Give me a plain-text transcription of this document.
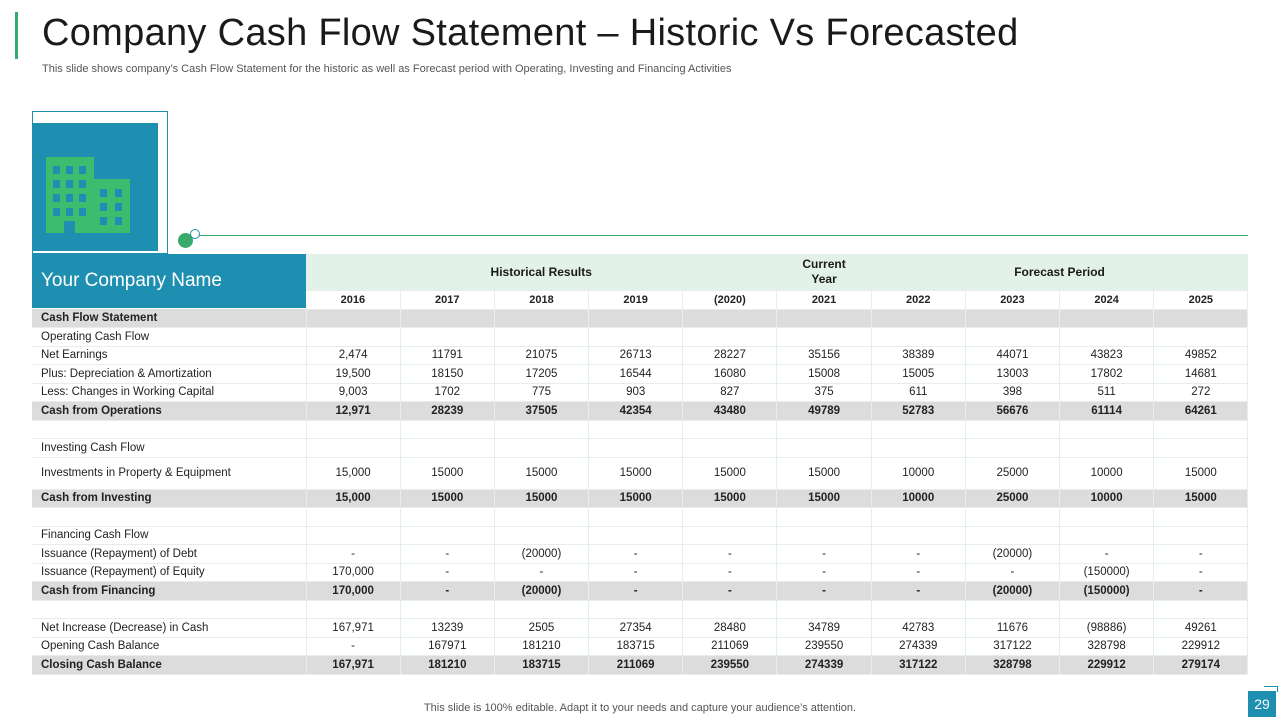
Company Cash Flow Statement – Historic Vs Forecasted
This slide shows company’s Cash Flow Statement for the historic as well as Forecast period with Operating, Investing and Financing Activities
	Historical Results					Current Year	Forecast Period			
	2016	2017	2018	2019	(2020)	2021	2022	2023	2024	2025
Cash Flow Statement										
Operating Cash Flow										
Net Earnings	2,474	11791	21075	26713	28227	35156	38389	44071	43823	49852
Plus: Depreciation & Amortization	19,500	18150	17205	16544	16080	15008	15005	13003	17802	14681
Less: Changes in Working Capital	9,003	1702	775	903	827	375	611	398	511	272
Cash from Operations	12,971	28239	37505	42354	43480	49789	52783	56676	61114	64261

Investing Cash Flow										
Investments in Property & Equipment	15,000	15000	15000	15000	15000	15000	10000	25000	10000	15000
Cash from Investing	15,000	15000	15000	15000	15000	15000	10000	25000	10000	15000

Financing Cash Flow										
Issuance (Repayment) of Debt	-	-	(20000)	-	-	-	-	(20000)	-	-
Issuance (Repayment) of Equity	170,000	-	-	-	-	-	-	-	(150000)	-
Cash from Financing	170,000	-	(20000)	-	-	-	-	(20000)	(150000)	-

Net Increase (Decrease) in Cash	167,971	13239	2505	27354	28480	34789	42783	11676	(98886)	49261
Opening Cash Balance	-	167971	181210	183715	211069	239550	274339	317122	328798	229912
Closing Cash Balance	167,971	181210	183715	211069	239550	274339	317122	328798	229912	279174
Your Company Name
This slide is 100% editable. Adapt it to your needs and capture your audience’s attention.	29
